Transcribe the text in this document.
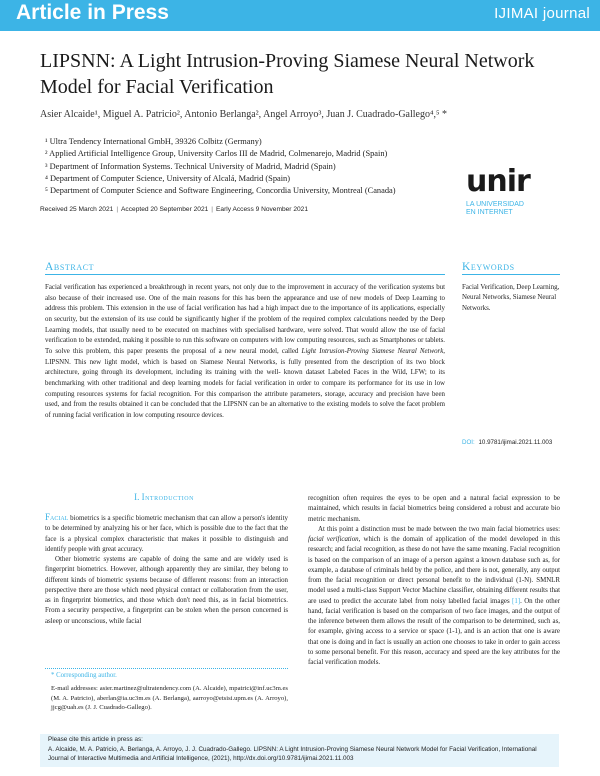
Article in Press	IJIMAI journal
LIPSNN: A Light Intrusion-Proving Siamese Neural Network Model for Facial Verification
Asier Alcaide¹, Miguel A. Patricio², Antonio Berlanga², Angel Arroyo³, Juan J. Cuadrado-Gallego⁴,⁵ *
¹ Ultra Tendency International GmbH, 39326 Colbitz (Germany)
² Applied Artificial Intelligence Group, University Carlos III de Madrid, Colmenarejo, Madrid (Spain)
³ Department of Information Systems. Technical University of Madrid, Madrid (Spain)
⁴ Department of Computer Science, University of Alcalá, Madrid (Spain)
⁵ Department of Computer Science and Software Engineering, Concordia University, Montreal (Canada) unir
LA UNIVERSIDAD
EN INTERNET
Received 25 March 2021 | Accepted 20 September 2021 | Early Access 9 November 2021
Abstract	Keywords
Facial verification has experienced a breakthrough in recent years, not only due to the improvement in accuracy of the verification systems but also because of their increased use. One of the main reasons for this has been the appearance and use of new models of Deep Learning to address this problem. This extension in the use of facial verification has had a high impact due to the importance of its applications, especially on security, but the extension of its use could be significantly higher if the problem of the required complex calculations needed by the Deep Learning models, that usually need to be executed on machines with specialised hardware, were solved. That would allow the use of facial verification to be extended, making it possible to run this software on computers with low computing resources, such as Smartphones or tablets. To solve this problem, this paper presents the proposal of a new neural model, called Light Intrusion-Proving Siamese Neural Network, LIPSNN. This new light model, which is based on Siamese Neural Networks, is fully presented from the description of its two block architecture, going through its development, including its training with the well- known dataset Labeled Faces in the Wild, LFW; to its benchmarking with other traditional and deep learning models for facial verification in order to compare its performance for its use in low computing resources systems for facial recognition. For this comparison the attribute parameters, storage, accuracy and precision have been used, and from the results obtained it can be concluded that the LIPSNN can be an alternative to the existing models to solve the facet problem of running facial verification in low computing resource devices.
Facial Verification, Deep Learning, Neural Networks, Siamese Neural Networks.
DOI: 10.9781/ijimai.2021.11.003
I. Introduction

Facial biometrics is a specific biometric mechanism that can allow a person's identity to be determined by analyzing his or her face, which is possible due to the fact that the face is a physical complex characteristic that makes it possible to distinguish and identify people with great accuracy.

Other biometric systems are capable of doing the same and are widely used is fingerprint biometrics. However, although apparently they are similar, they belong to different kinds of biometric systems because of different reasons: from an interaction perspective there are those which need physical contact or collaboration from the user, as in fingerprint biometrics, and those which don't need this, as in facial biometrics. From a security perspective, a fingerprint can be stolen when the person concerned is asleep or unconscious, while facial

recognition often requires the eyes to be open and a natural facial expression to be maintained, which results in facial biometrics being considered a robust and accurate bio metric mechanism.

At this point a distinction must be made between the two main facial biometrics uses: facial verification, which is the domain of application of the model developed in this research; and facial recognition, as these do not have the same meaning. Facial recognition is based on the comparison of an image of a person against a known database such as, for example, a database of criminals held by the police, and there is not, generally, any output from the facial recognition or direct personal benefit to the individual (1-N). SMNLR model used a multi-class Support Vector Machine classifier, obtaining different results that are used to predict the accurate label from noisy labelled facial images [1]. On the other hand, facial verification is based on the comparison of two face images, and the output of the inference between them allows the result of the comparison to be determined, such as, for example, giving access to a service or space (1-1), and is an action that one is aware that one is doing and in fact is usually an action one chooses to take in order to gain access to some personal benefit. For this reason, accuracy and speed are the key attributes for the facial verification models.

* Corresponding author.
E-mail addresses: asier.martinez@ultratendency.com (A. Alcaide), mpatrici@inf.uc3m.es (M. A. Patricio), aberlan@ia.uc3m.es (A. Berlanga), aarroyo@etsisi.upm.es (A. Arroyo), jjcg@uah.es (J. J. Cuadrado-Gallego).
Please cite this article in press as:
A. Alcaide, M. A. Patricio, A. Berlanga, A. Arroyo, J. J. Cuadrado-Gallego. LIPSNN: A Light Intrusion-Proving Siamese Neural Network Model for Facial Verification, International Journal of Interactive Multimedia and Artificial Intelligence, (2021), http://dx.doi.org/10.9781/ijimai.2021.11.003
